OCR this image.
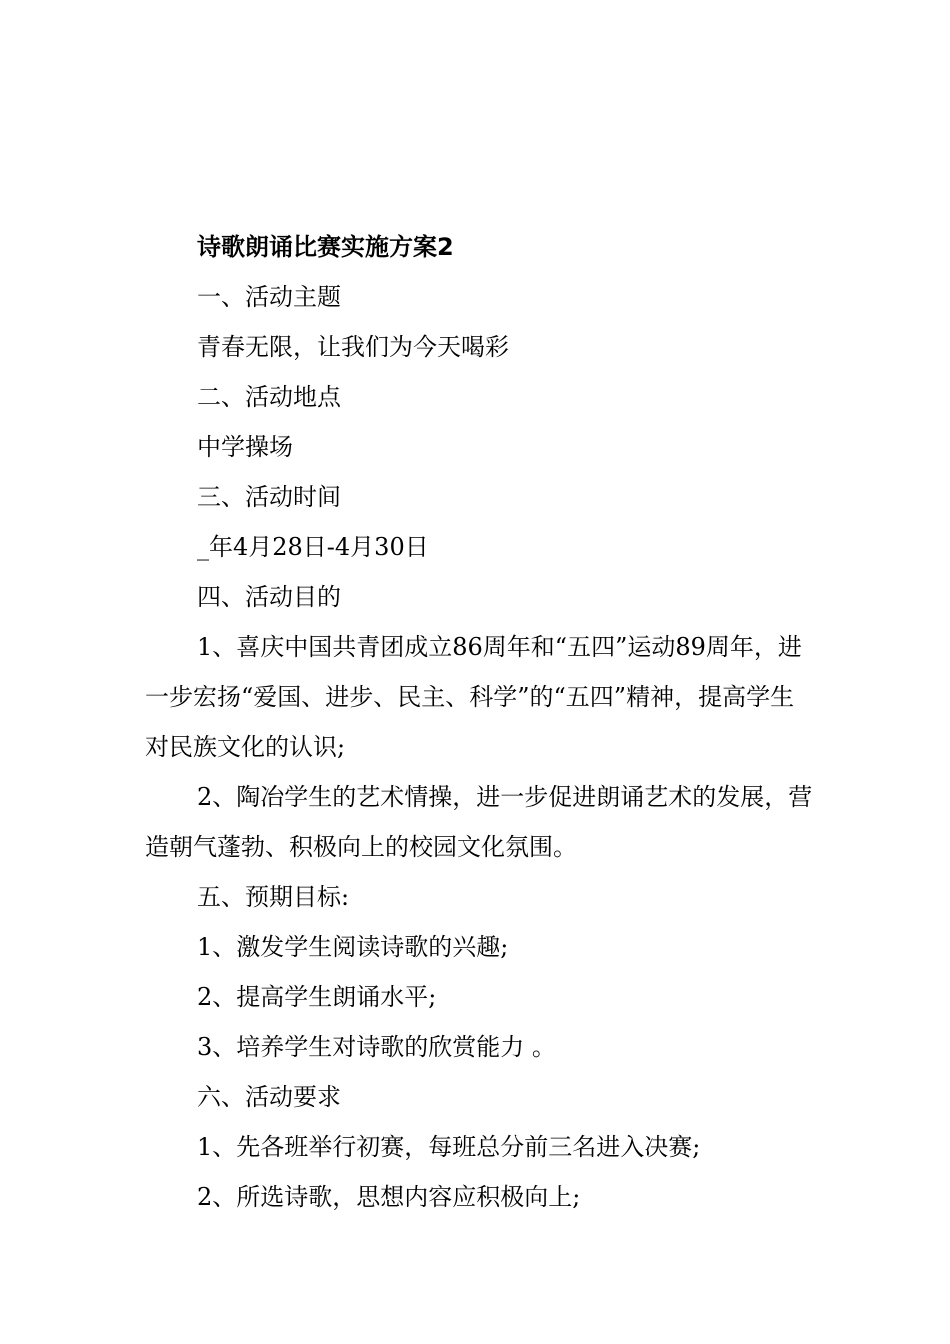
诗歌朗诵比赛实施方案2

一、活动主题

青春无限，让我们为今天喝彩

二、活动地点

中学操场

三、活动时间

_年4月28日-4月30日

四、活动目的

1、喜庆中国共青团成立86周年和“五四”运动89周年，进一步宏扬“爱国、进步、民主、科学”的“五四”精神，提高学生对民族文化的认识;

2、陶冶学生的艺术情操，进一步促进朗诵艺术的发展，营造朝气蓬勃、积极向上的校园文化氛围。

五、预期目标:

1、激发学生阅读诗歌的兴趣;

2、提高学生朗诵水平;

3、培养学生对诗歌的欣赏能力 。

六、活动要求

1、先各班举行初赛，每班总分前三名进入决赛;

2、所选诗歌，思想内容应积极向上;
